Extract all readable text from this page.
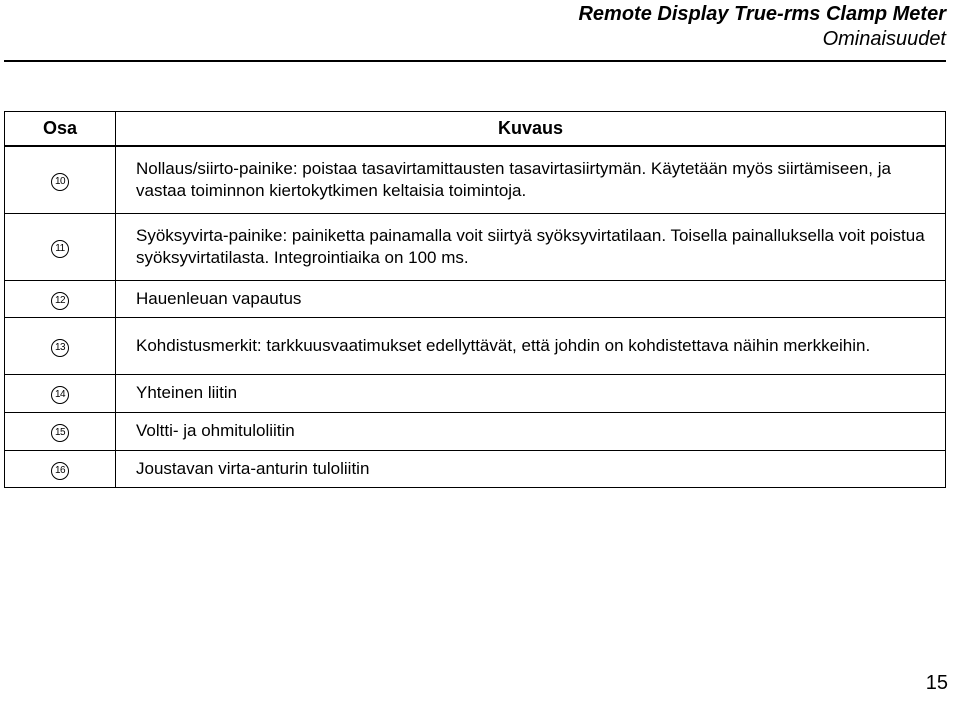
Remote Display True-rms Clamp Meter
Ominaisuudet
Osa	Kuvaus
10	Nollaus/siirto-painike: poistaa tasavirtamittausten tasavirtasiirtymän. Käytetään myös siirtämiseen, ja vastaa toiminnon kiertokytkimen keltaisia toimintoja.
11	Syöksyvirta-painike: painiketta painamalla voit siirtyä syöksyvirtatilaan. Toisella painalluksella voit poistua syöksyvirtatilasta. Integrointiaika on 100 ms.
12	Hauenleuan vapautus
13	Kohdistusmerkit: tarkkuusvaatimukset edellyttävät, että johdin on kohdistettava näihin merkkeihin.
14	Yhteinen liitin
15	Voltti- ja ohmituloliitin
16	Joustavan virta-anturin tuloliitin
15
